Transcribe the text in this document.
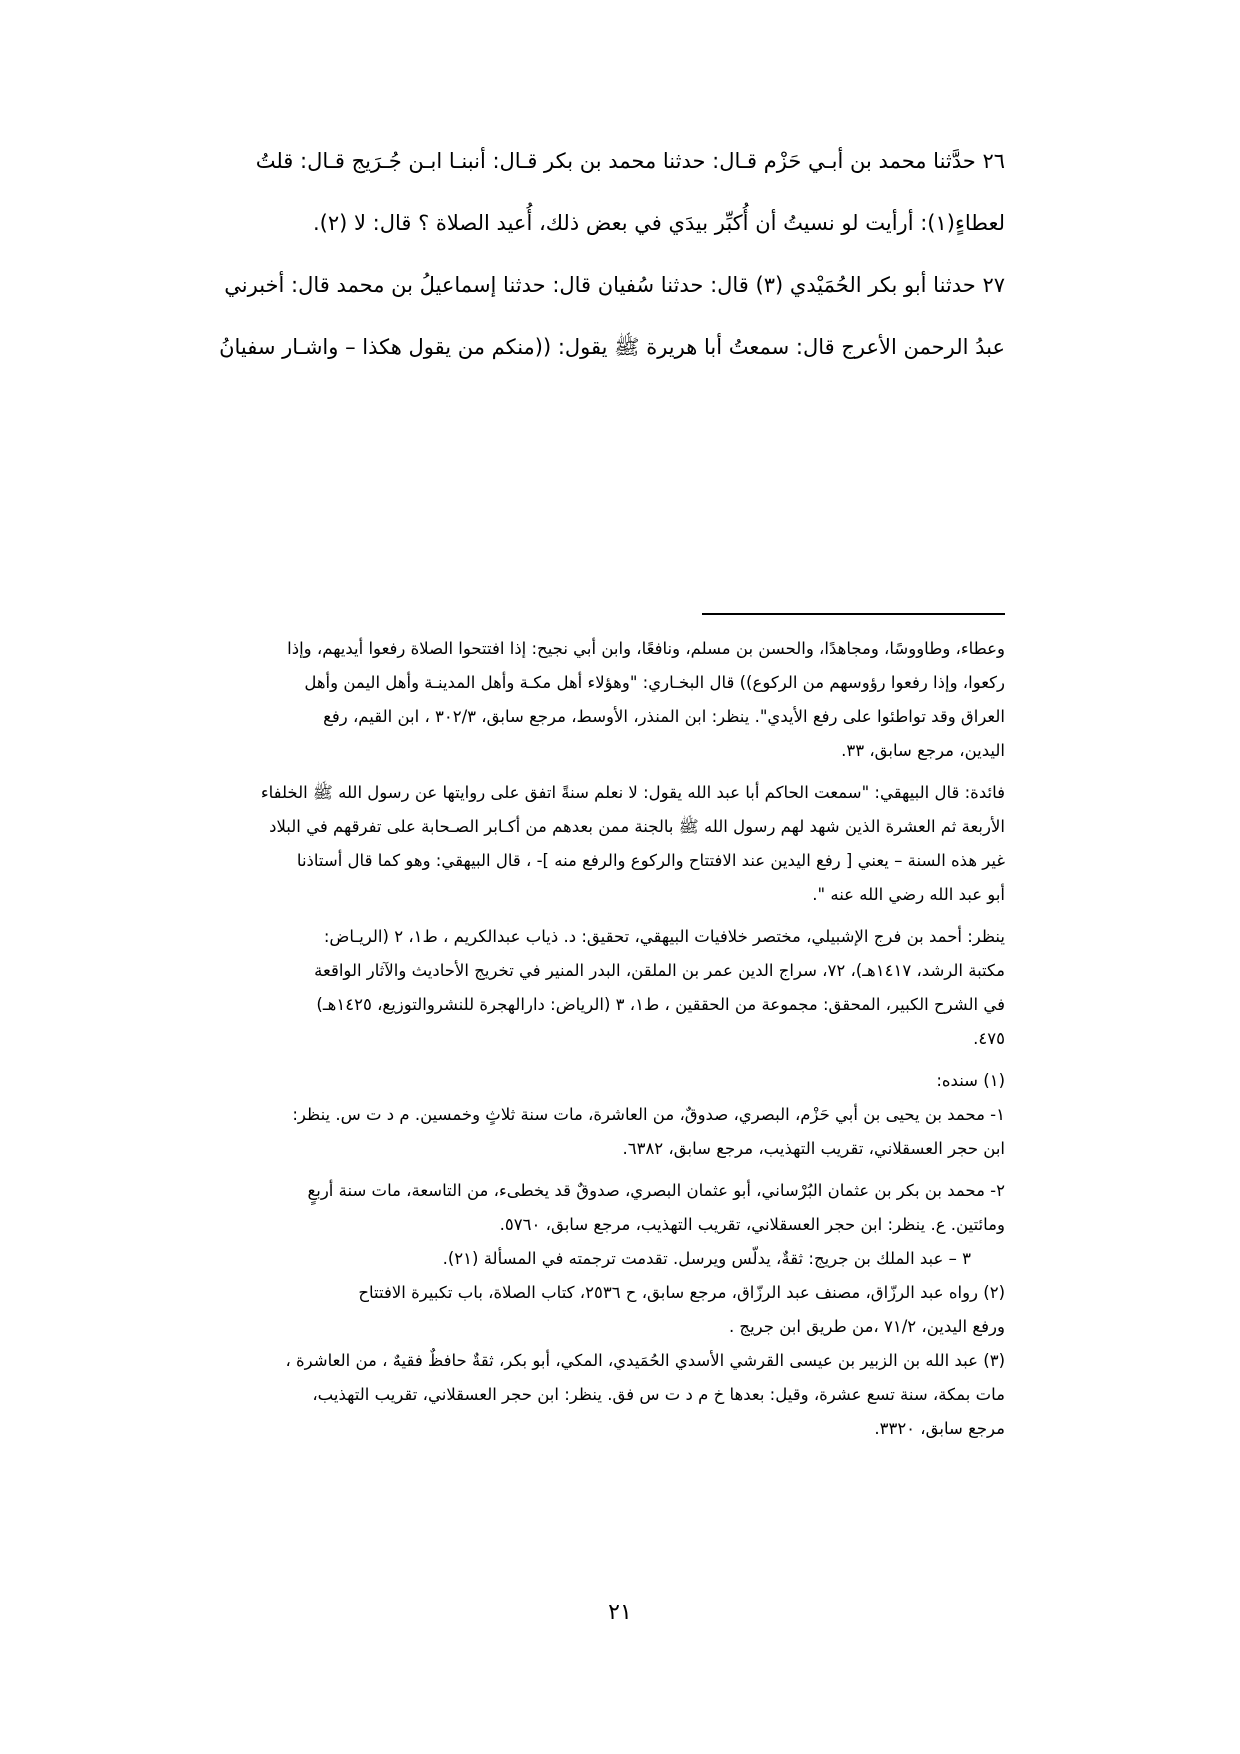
٢٦ حدَّثنا محمد بن أبـي حَزْم قـال: حدثنا محمد بن بكر قـال: أنبنـا ابـن جُـرَيج قـال: قلتُ
لعطاءٍ(١): أرأيت لو نسيتُ أن أُكبِّر بيدَي في بعض ذلك، أُعيد الصلاة ؟ قال: لا (٢).
٢٧ حدثنا أبو بكر الحُمَيْدي (٣) قال: حدثنا سُفيان قال: حدثنا إسماعيلُ بن محمد قال: أخبرني
عبدُ الرحمن الأعرج قال: سمعتُ أبا هريرة ﷺ يقول: ((منكم من يقول هكذا – واشـار سفيانُ
وعطاء، وطاووسًا، ومجاهدًا، والحسن بن مسلم، ونافعًا، وابن أبي نجيح: إذا افتتحوا الصلاة رفعوا أيديهم، وإذا
ركعوا، وإذا رفعوا رؤوسهم من الركوع)) قال البخـاري: "وهؤلاء أهل مكـة وأهل المدينـة وأهل اليمن وأهل
العراق وقد تواطئوا على رفع الأيدي". ينظر: ابن المنذر، الأوسط، مرجع سابق، ٣٠٢/٣ ، ابن القيم، رفع
اليدين، مرجع سابق، ٣٣.
فائدة: قال البيهقي: "سمعت الحاكم أبا عبد الله يقول: لا نعلم سنةً اتفق على روايتها عن رسول الله ﷺ الخلفاء
الأربعة ثم العشرة الذين شهد لهم رسول الله ﷺ بالجنة ممن بعدهم من أكـابر الصـحابة على تفرقهم في البلاد
غير هذه السنة – يعني [ رفع اليدين عند الافتتاح والركوع والرفع منه ]- ، قال البيهقي: وهو كما قال أستاذنا
أبو عبد الله رضي الله عنه ".
ينظر: أحمد بن فرج الإشبيلي، مختصر خلافيات البيهقي، تحقيق: د. ذياب عبدالكريم ، ط١، ٢ (الريـاض:
مكتبة الرشد، ١٤١٧هـ)، ٧٢، سراج الدين عمر بن الملقن، البدر المنير في تخريج الأحاديث والآثار الواقعة
في الشرح الكبير، المحقق: مجموعة من الحققين ، ط١، ٣ (الرياض: دارالهجرة للنشروالتوزيع، ١٤٢٥هـ)
٤٧٥.
(١) سنده:
١- محمد بن يحيى بن أبي حَزْم، البصري، صدوقٌ، من العاشرة، مات سنة ثلاثٍ وخمسين. م د ت س. ينظر:
ابن حجر العسقلاني، تقريب التهذيب، مرجع سابق، ٦٣٨٢.
٢- محمد بن بكر بن عثمان البُرْساني، أبو عثمان البصري، صدوقٌ قد يخطىء، من التاسعة، مات سنة أربعٍ
ومائتين. ع. ينظر: ابن حجر العسقلاني، تقريب التهذيب، مرجع سابق، ٥٧٦٠.
٣ – عبد الملك بن جريج: ثقةٌ، يدلّس ويرسل. تقدمت ترجمته في المسألة (٢١).
(٢) رواه عبد الرزّاق، مصنف عبد الرزّاق، مرجع سابق، ح ٢٥٣٦، كتاب الصلاة، باب تكبيرة الافتتاح
ورفع اليدين، ٧١/٢ ،من طريق ابن جريج .
(٣) عبد الله بن الزبير بن عيسى القرشي الأسدي الحُمَيدي، المكي، أبو بكر، ثقةٌ حافظٌ فقيهٌ ، من العاشرة ،
مات بمكة، سنة تسع عشرة، وقيل: بعدها خ م د ت س فق. ينظر: ابن حجر العسقلاني، تقريب التهذيب،
مرجع سابق، ٣٣٢٠.
٢١
